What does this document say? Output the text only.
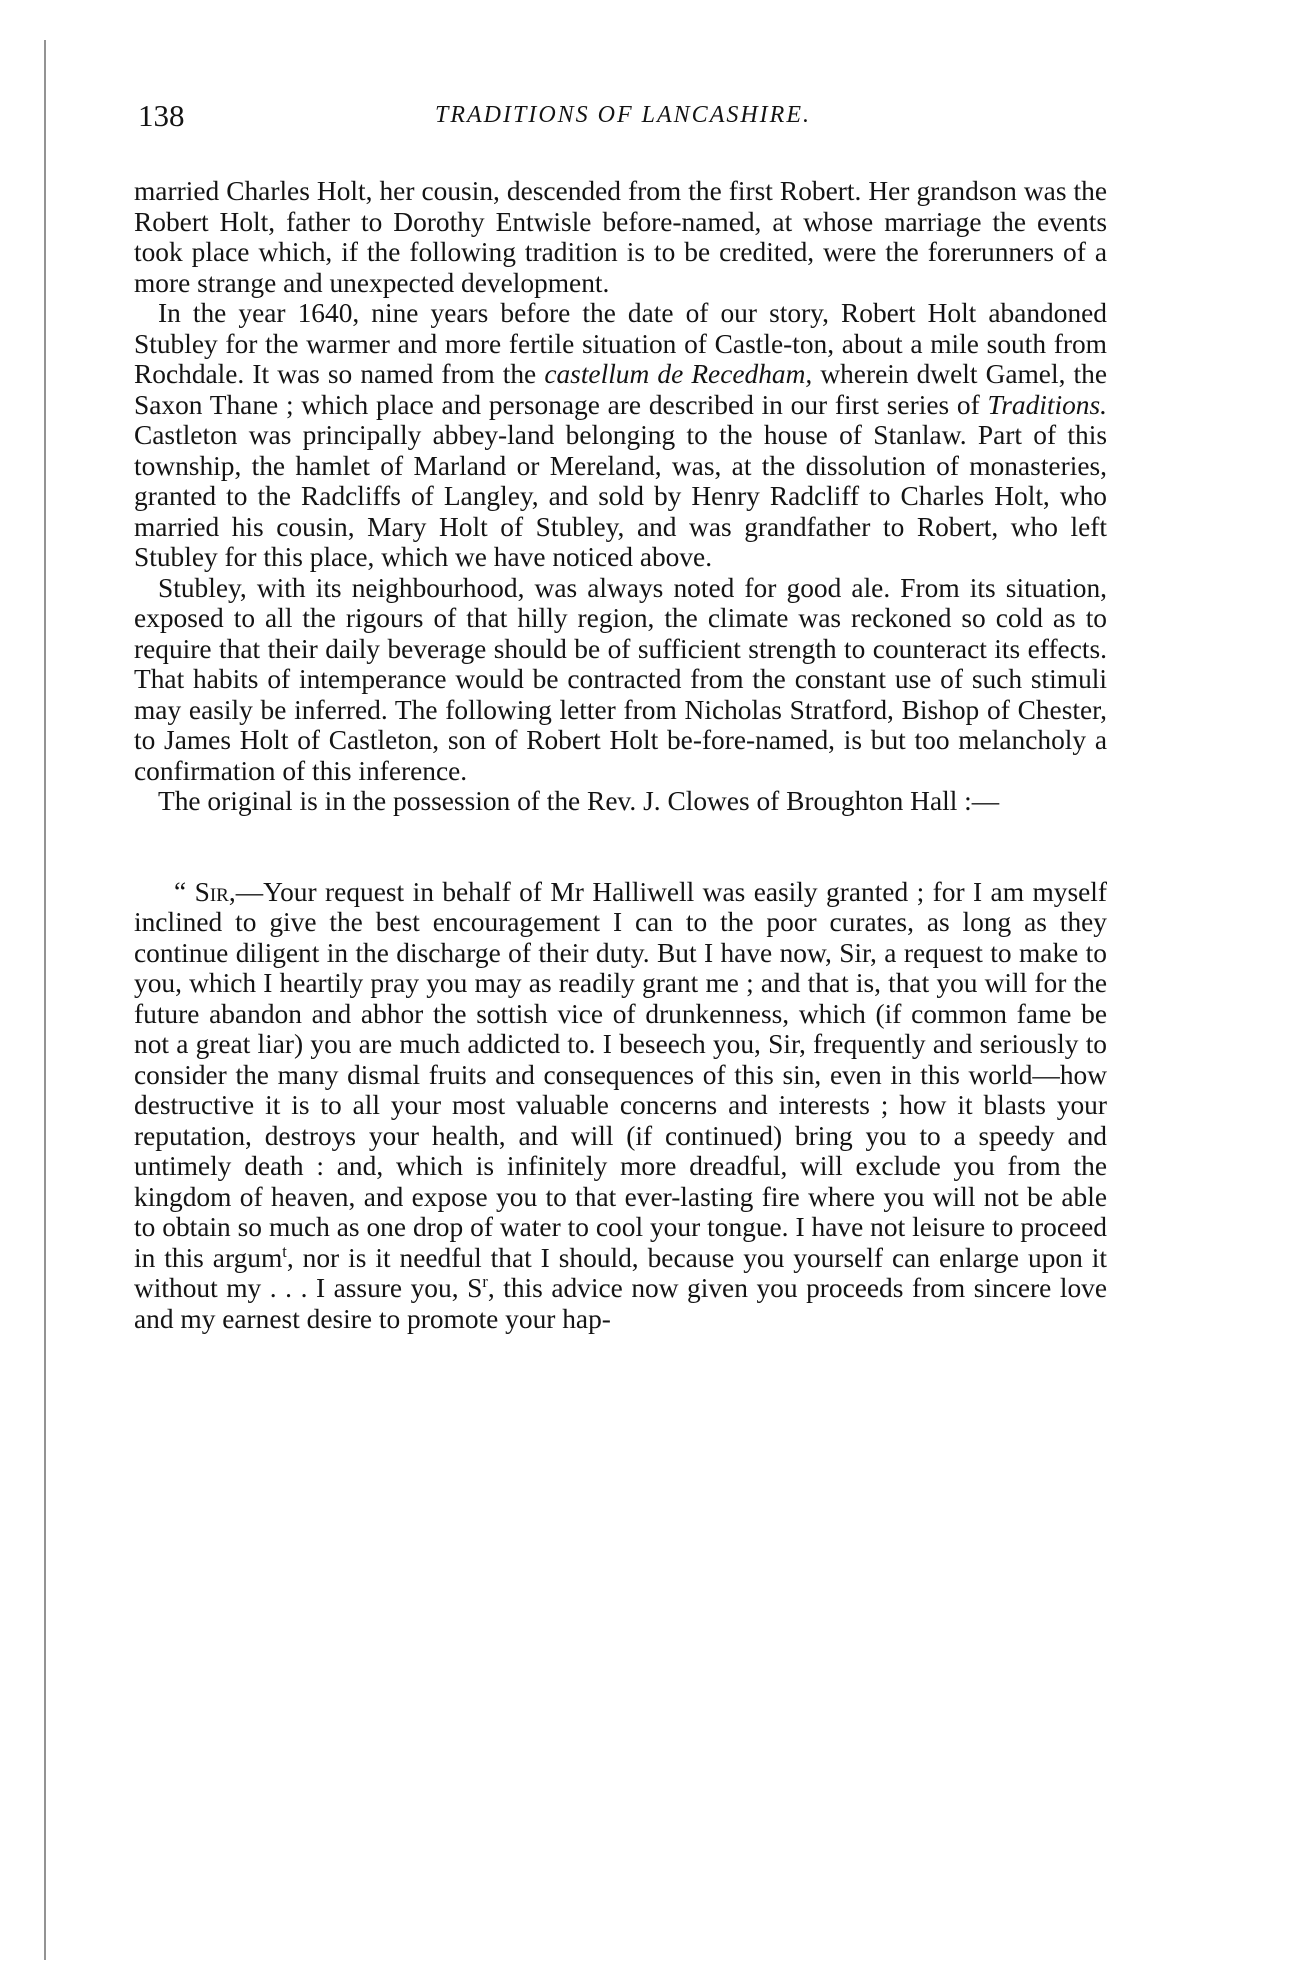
138	TRADITIONS OF LANCASHIRE.

married Charles Holt, her cousin, descended from the first Robert. Her grandson was the Robert Holt, father to Dorothy Entwisle before-named, at whose marriage the events took place which, if the following tradition is to be credited, were the forerunners of a more strange and unexpected development.

In the year 1640, nine years before the date of our story, Robert Holt abandoned Stubley for the warmer and more fertile situation of Castle-ton, about a mile south from Rochdale. It was so named from the castellum de Recedham, wherein dwelt Gamel, the Saxon Thane ; which place and personage are described in our first series of Traditions. Castleton was principally abbey-land belonging to the house of Stanlaw. Part of this township, the hamlet of Marland or Mereland, was, at the dissolution of monasteries, granted to the Radcliffs of Langley, and sold by Henry Radcliff to Charles Holt, who married his cousin, Mary Holt of Stubley, and was grandfather to Robert, who left Stubley for this place, which we have noticed above.

Stubley, with its neighbourhood, was always noted for good ale. From its situation, exposed to all the rigours of that hilly region, the climate was reckoned so cold as to require that their daily beverage should be of sufficient strength to counteract its effects. That habits of intemperance would be contracted from the constant use of such stimuli may easily be inferred. The following letter from Nicholas Stratford, Bishop of Chester, to James Holt of Castleton, son of Robert Holt be-fore-named, is but too melancholy a confirmation of this inference.

The original is in the possession of the Rev. J. Clowes of Broughton Hall :—

“ Sir,—Your request in behalf of Mr Halliwell was easily granted ; for I am myself inclined to give the best encouragement I can to the poor curates, as long as they continue diligent in the discharge of their duty. But I have now, Sir, a request to make to you, which I heartily pray you may as readily grant me ; and that is, that you will for the future abandon and abhor the sottish vice of drunkenness, which (if common fame be not a great liar) you are much addicted to. I beseech you, Sir, frequently and seriously to consider the many dismal fruits and consequences of this sin, even in this world—how destructive it is to all your most valuable concerns and interests ; how it blasts your reputation, destroys your health, and will (if continued) bring you to a speedy and untimely death : and, which is infinitely more dreadful, will exclude you from the kingdom of heaven, and expose you to that ever-lasting fire where you will not be able to obtain so much as one drop of water to cool your tongue. I have not leisure to proceed in this argum$^t$, nor is it needful that I should, because you yourself can enlarge upon it without my . . . I assure you, $S^r$, this advice now given you proceeds from sincere love and my earnest desire to promote your hap-
